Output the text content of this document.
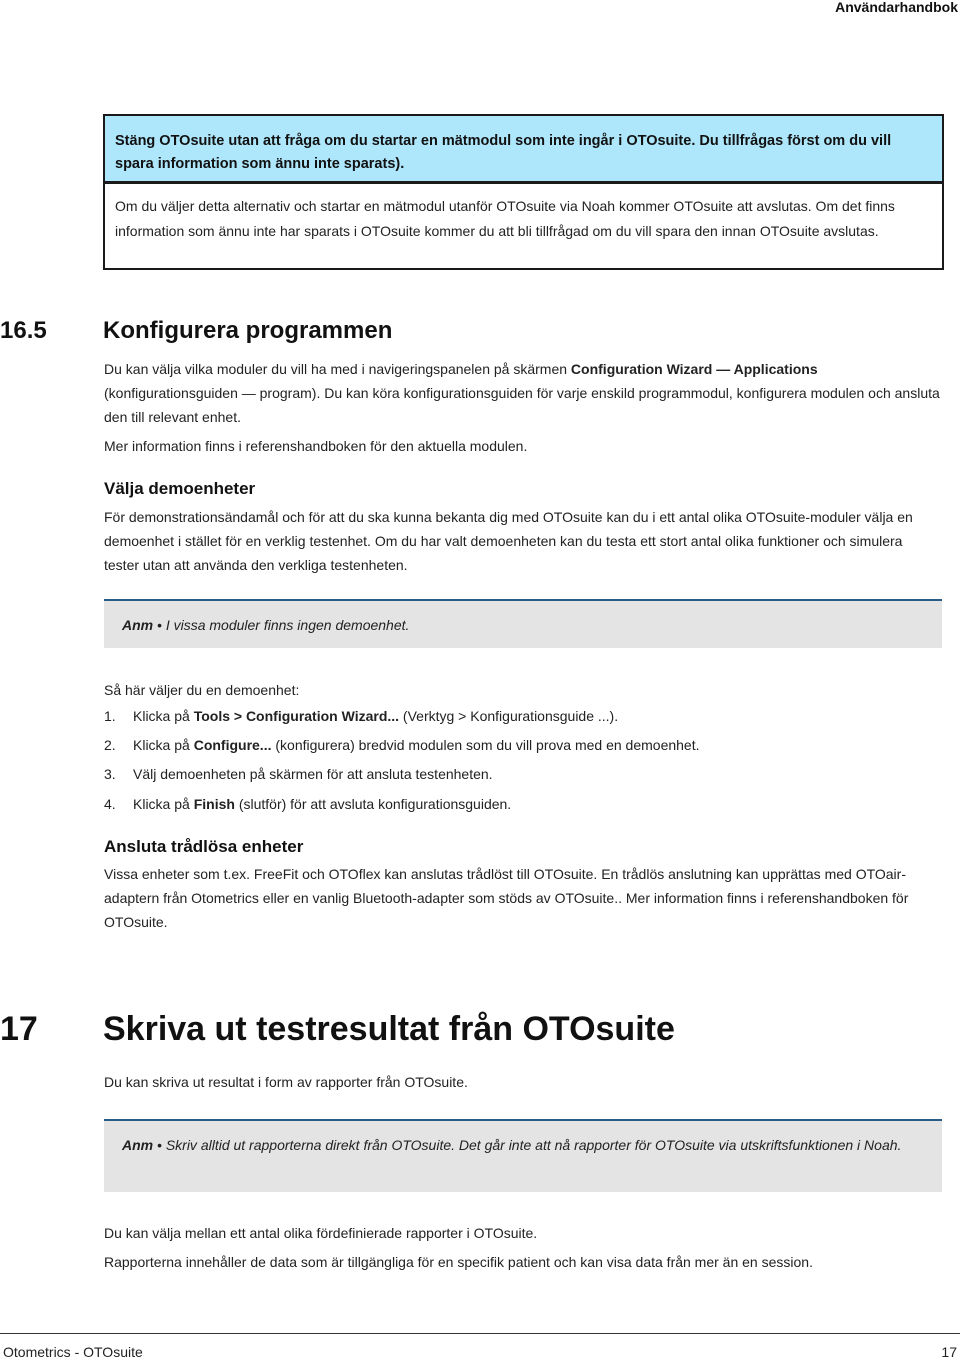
Användarhandbok
Stäng OTOsuite utan att fråga om du startar en mätmodul som inte ingår i OTOsuite. Du tillfrågas först om du vill spara information som ännu inte sparats).
Om du väljer detta alternativ och startar en mätmodul utanför OTOsuite via Noah kommer OTOsuite att avslutas. Om det finns information som ännu inte har sparats i OTOsuite kommer du att bli tillfrågad om du vill spara den innan OTOsuite avslutas.
16.5 Konfigurera programmen
Du kan välja vilka moduler du vill ha med i navigeringspanelen på skärmen Configuration Wizard — Applications (konfigurationsguiden — program). Du kan köra konfigurationsguiden för varje enskild programmodul, konfigurera modulen och ansluta den till relevant enhet.
Mer information finns i referenshandboken för den aktuella modulen.
Välja demoenheter
För demonstrationsändamål och för att du ska kunna bekanta dig med OTOsuite kan du i ett antal olika OTOsuite-moduler välja en demoenhet i stället för en verklig testenhet. Om du har valt demoenheten kan du testa ett stort antal olika funktioner och simulera tester utan att använda den verkliga testenheten.
Anm • I vissa moduler finns ingen demoenhet.
Så här väljer du en demoenhet:
1. Klicka på Tools > Configuration Wizard... (Verktyg > Konfigurationsguide ...).
2. Klicka på Configure... (konfigurera) bredvid modulen som du vill prova med en demoenhet.
3. Välj demoenheten på skärmen för att ansluta testenheten.
4. Klicka på Finish (slutför) för att avsluta konfigurationsguiden.
Ansluta trådlösa enheter
Vissa enheter som t.ex. FreeFit och OTOflex kan anslutas trådlöst till OTOsuite. En trådlös anslutning kan upprättas med OTOair-adaptern från Otometrics eller en vanlig Bluetooth-adapter som stöds av OTOsuite.. Mer information finns i referenshandboken för OTOsuite.
17 Skriva ut testresultat från OTOsuite
Du kan skriva ut resultat i form av rapporter från OTOsuite.
Anm • Skriv alltid ut rapporterna direkt från OTOsuite. Det går inte att nå rapporter för OTOsuite via utskriftsfunktionen i Noah.
Du kan välja mellan ett antal olika fördefinierade rapporter i OTOsuite.
Rapporterna innehåller de data som är tillgängliga för en specifik patient och kan visa data från mer än en session.
Otometrics - OTOsuite	17
